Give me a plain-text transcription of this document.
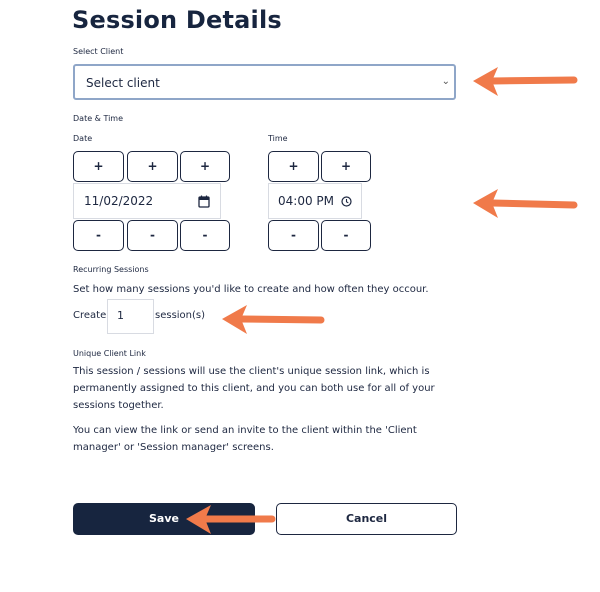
Session Details
Select Client
Select client	⌄
Date & Time
Date	Time
+	+	+
11/02/2022
-	-	-
+	+
04:00 PM
-	-
Recurring Sessions
Set how many sessions you'd like to create and how often they occour.
Create 1	session(s)
Unique Client Link
This session / sessions will use the client's unique session link, which is
permanently assigned to this client, and you can both use for all of your
sessions together.
You can view the link or send an invite to the client within the 'Client
manager' or 'Session manager' screens.
Save	Cancel
